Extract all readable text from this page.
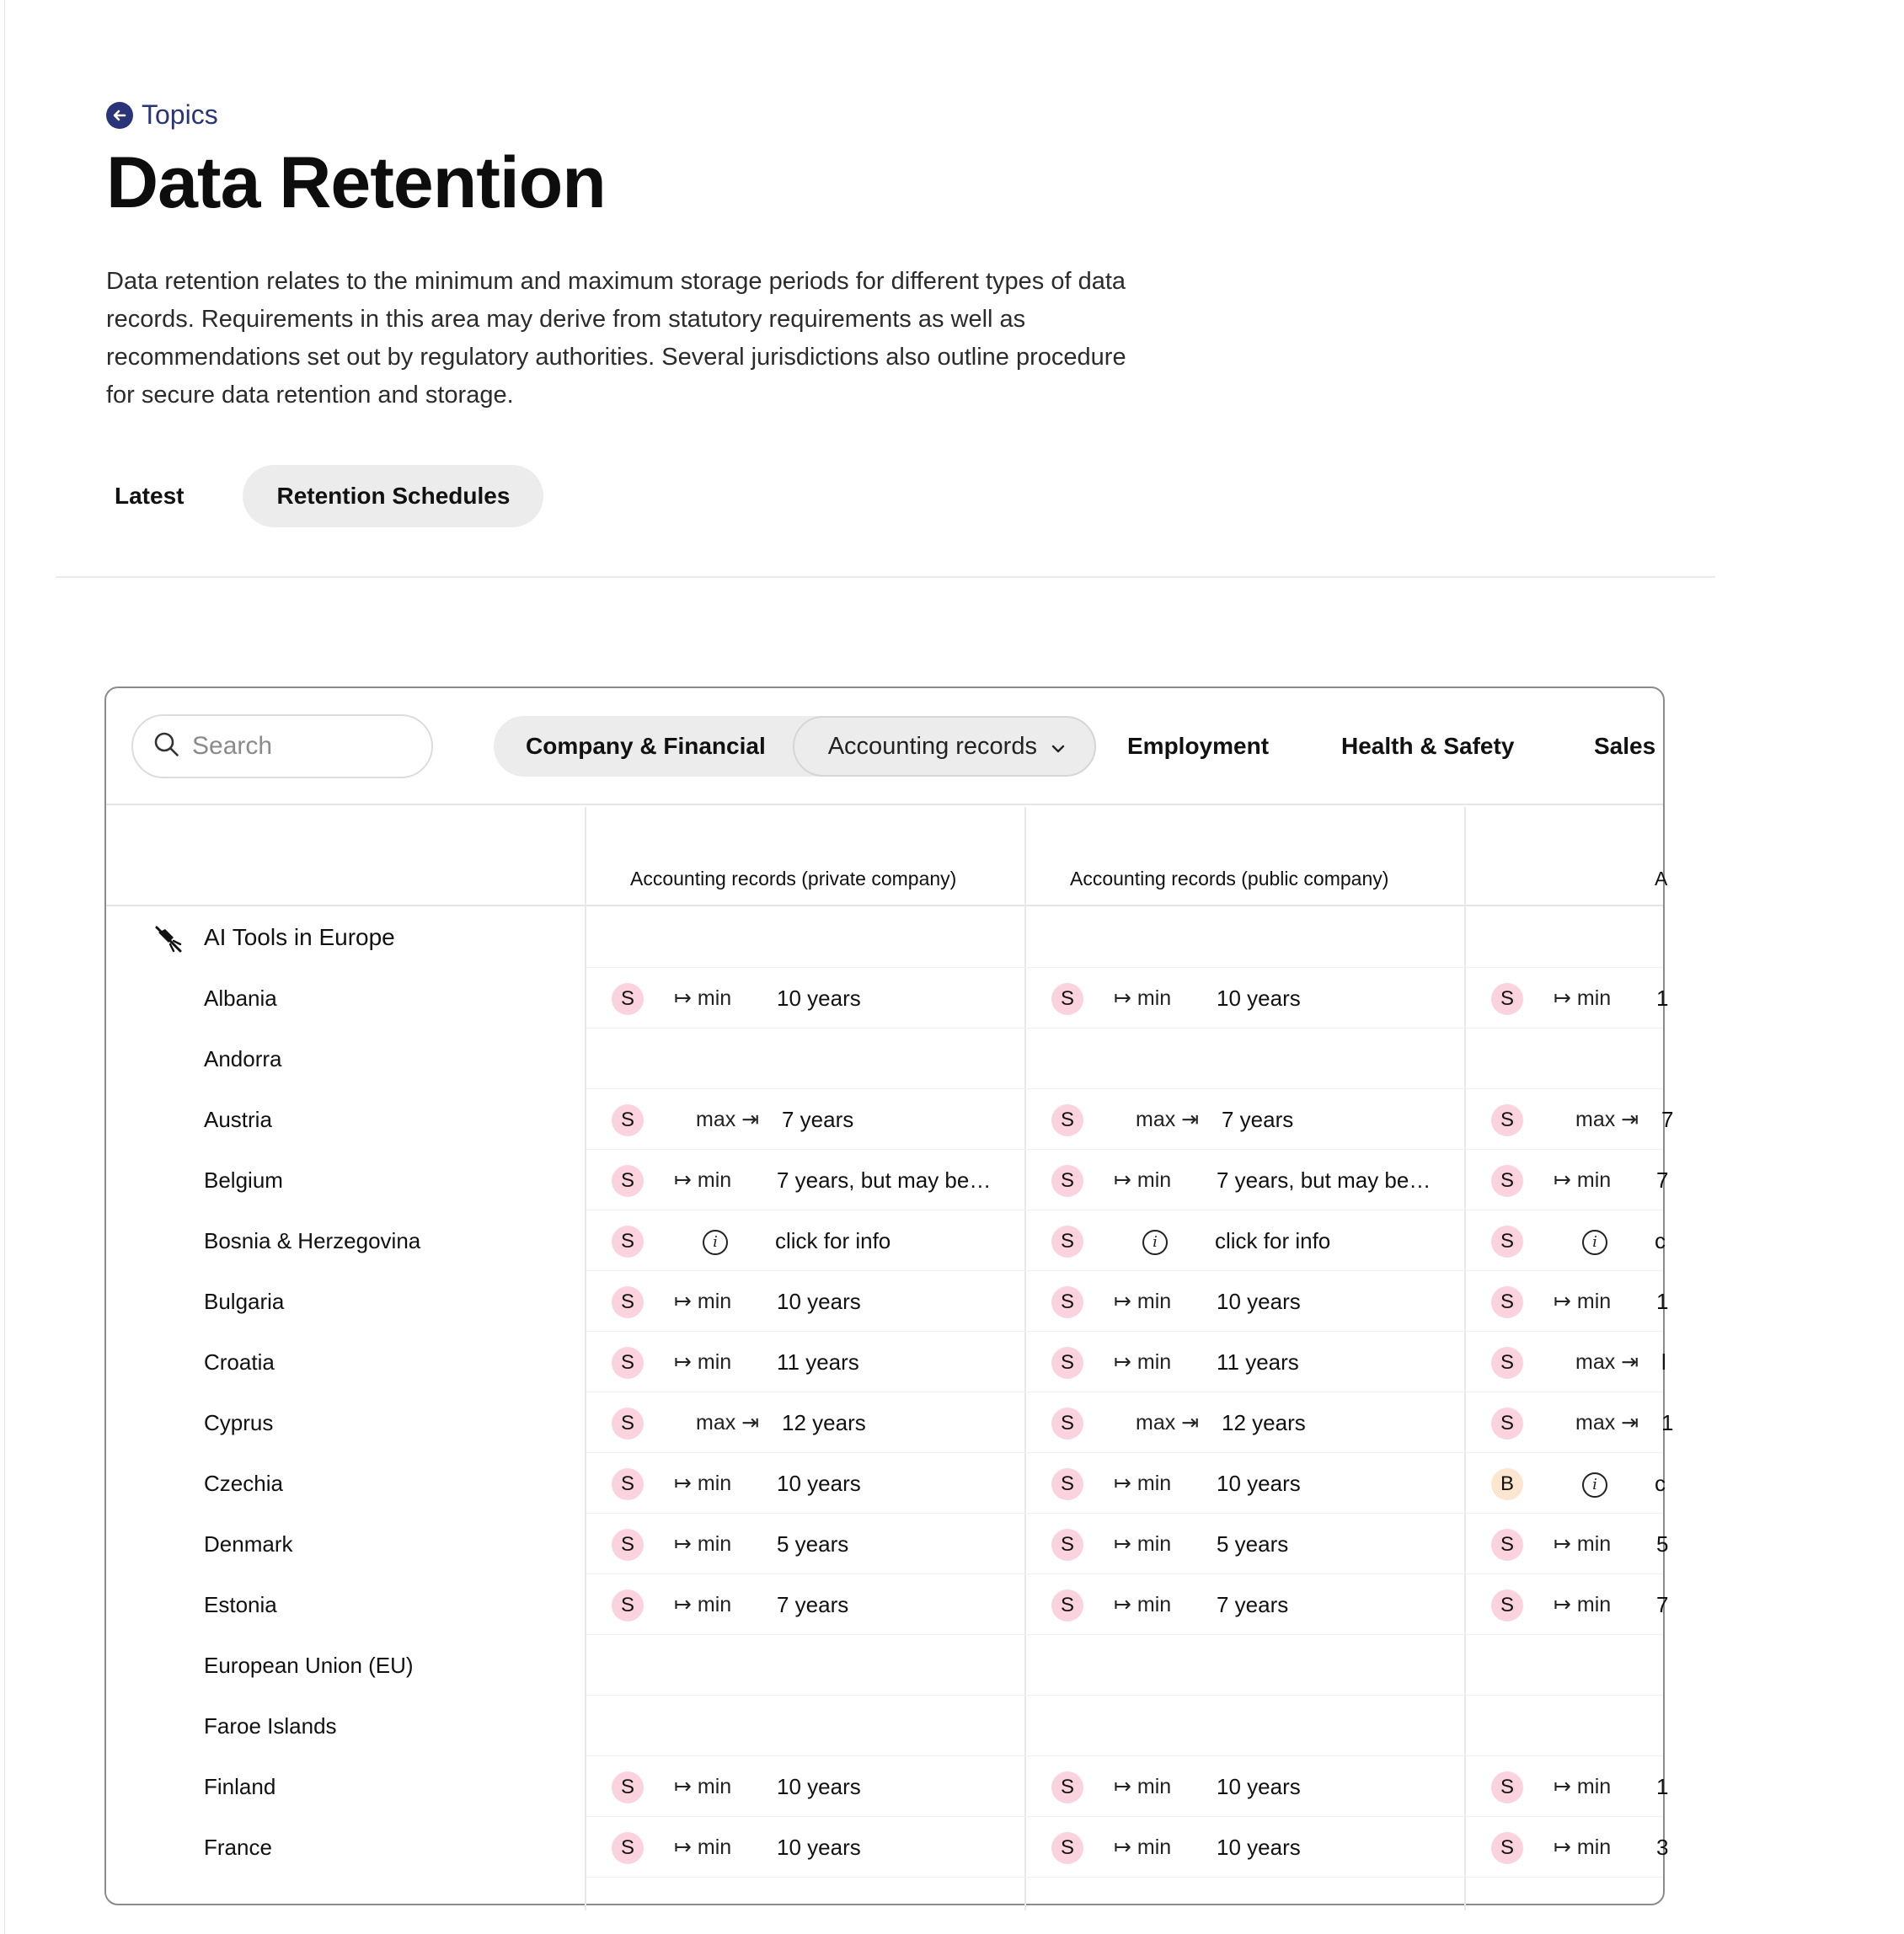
Topics
Data Retention

Data retention relates to the minimum and maximum storage periods for different types of data records. Requirements in this area may derive from statutory requirements as well as recommendations set out by regulatory authorities. Several jurisdictions also outline procedure for secure data retention and storage.

Latest	Retention Schedules
Search
Company & Financial	Accounting records	Employment	Health & Safety	Sales
Accounting records (private company)	Accounting records (public company)	A
AI Tools in Europe
Albania	S	↦ min 10 years	S	↦ min 10 years	S	↦ min 1
Andorra
Austria	S	max ⇥ 7 years	S	max ⇥ 7 years	S	max ⇥ 7
Belgium	S	↦ min 7 years, but may be…	S	↦ min 7 years, but may be…	S	↦ min 7
Bosnia & Herzegovina	S	i	click for info	S	i	click for info	S	i	c
Bulgaria	S	↦ min 10 years	S	↦ min 10 years	S	↦ min 1
Croatia	S	↦ min 11 years	S	↦ min 11 years	S	max ⇥ l
Cyprus	S	max ⇥ 12 years	S	max ⇥ 12 years	S	max ⇥ 1
Czechia	S	↦ min 10 years	S	↦ min 10 years	B	i	c
Denmark	S	↦ min 5 years	S	↦ min 5 years	S	↦ min 5
Estonia	S	↦ min 7 years	S	↦ min 7 years	S	↦ min 7
European Union (EU)
Faroe Islands
Finland	S	↦ min 10 years	S	↦ min 10 years	S	↦ min 1
France	S	↦ min 10 years	S	↦ min 10 years	S	↦ min 3
